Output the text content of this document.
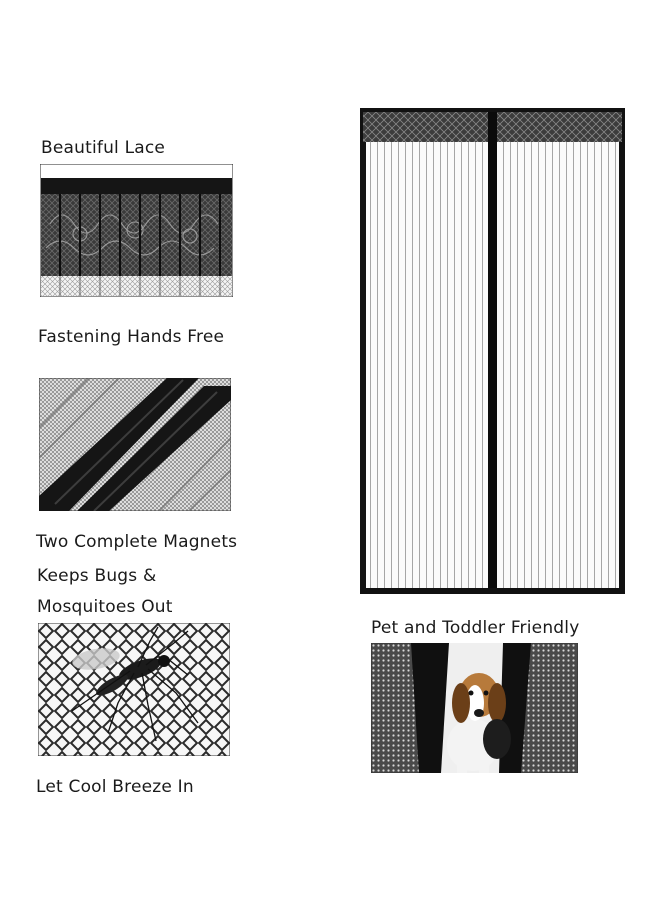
Beautiful Lace
Fastening Hands Free
Two Complete Magnets
Keeps Bugs &
Mosquitoes Out
Let Cool Breeze In
Pet and Toddler Friendly
